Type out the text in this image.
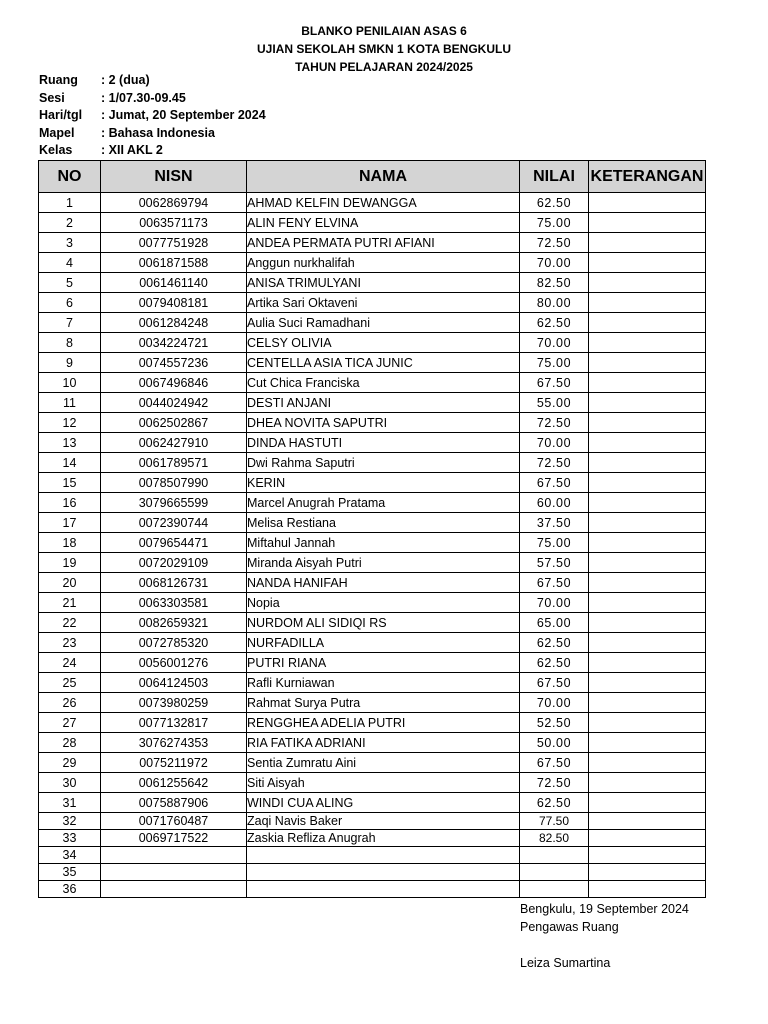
BLANKO PENILAIAN ASAS 6
UJIAN SEKOLAH SMKN 1 KOTA BENGKULU
TAHUN PELAJARAN 2024/2025
Ruang	: 2 (dua)
Sesi	: 1/07.30-09.45
Hari/tgl	: Jumat, 20 September 2024
Mapel	: Bahasa Indonesia
Kelas	: XII AKL 2
NO	NISN	NAMA	NILAI	KETERANGAN
1	0062869794	AHMAD KELFIN DEWANGGA	62.50	
2	0063571173	ALIN FENY ELVINA	75.00	
3	0077751928	ANDEA PERMATA PUTRI AFIANI	72.50	
4	0061871588	Anggun nurkhalifah	70.00	
5	0061461140	ANISA TRIMULYANI	82.50	
6	0079408181	Artika Sari Oktaveni	80.00	
7	0061284248	Aulia Suci Ramadhani	62.50	
8	0034224721	CELSY OLIVIA	70.00	
9	0074557236	CENTELLA ASIA TICA JUNIC	75.00	
10	0067496846	Cut Chica Franciska	67.50	
11	0044024942	DESTI ANJANI	55.00	
12	0062502867	DHEA NOVITA SAPUTRI	72.50	
13	0062427910	DINDA HASTUTI	70.00	
14	0061789571	Dwi Rahma Saputri	72.50	
15	0078507990	KERIN	67.50	
16	3079665599	Marcel Anugrah Pratama	60.00	
17	0072390744	Melisa Restiana	37.50	
18	0079654471	Miftahul Jannah	75.00	
19	0072029109	Miranda Aisyah Putri	57.50	
20	0068126731	NANDA HANIFAH	67.50	
21	0063303581	Nopia	70.00	
22	0082659321	NURDOM ALI SIDIQI RS	65.00	
23	0072785320	NURFADILLA	62.50	
24	0056001276	PUTRI RIANA	62.50	
25	0064124503	Rafli Kurniawan	67.50	
26	0073980259	Rahmat Surya Putra	70.00	
27	0077132817	RENGGHEA ADELIA PUTRI	52.50	
28	3076274353	RIA FATIKA ADRIANI	50.00	
29	0075211972	Sentia Zumratu Aini	67.50	
30	0061255642	Siti Aisyah	72.50	
31	0075887906	WINDI CUA ALING	62.50	
32	0071760487	Zaqi Navis Baker	77.50	
33	0069717522	Zaskia Refliza Anugrah	82.50	
34				
35				
36				
Bengkulu, 19 September 2024
Pengawas Ruang
Leiza Sumartina
